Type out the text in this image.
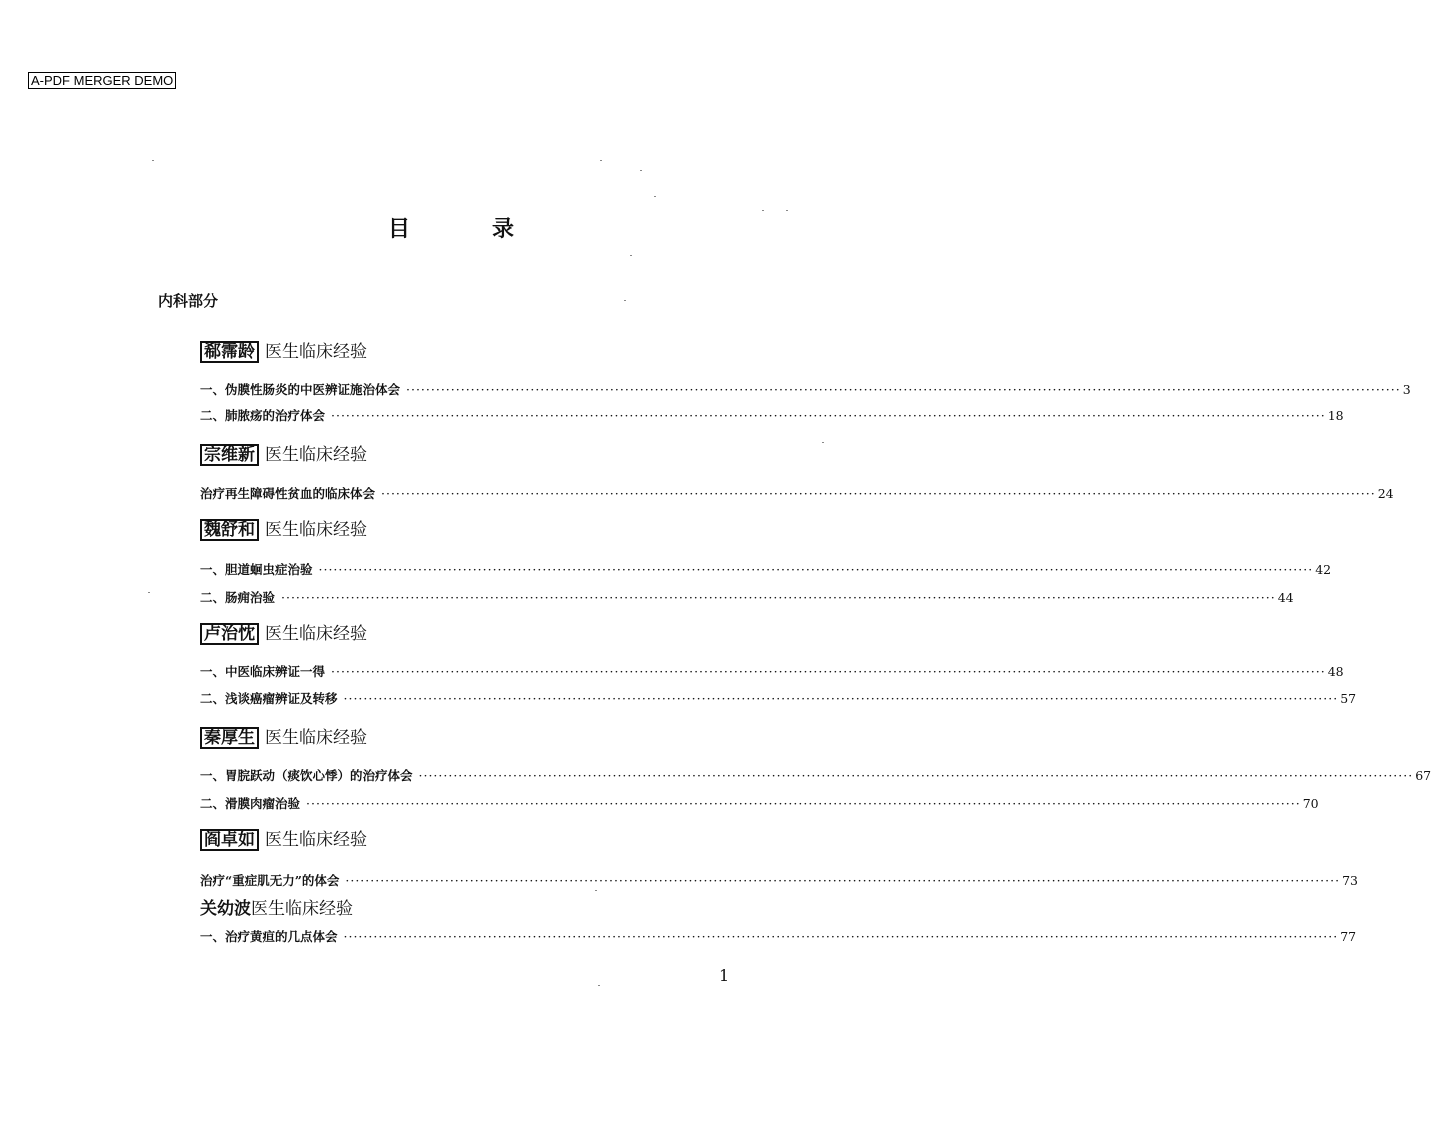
A-PDF MERGER DEMO
目	录
内科部分
郗霈龄 医生临床经验
一、伪膜性肠炎的中医辨证施治体会 ········································································································································································································ 3
二、肺脓疡的治疗体会 ········································································································································································································ 18
宗维新 医生临床经验
治疗再生障碍性贫血的临床体会 ········································································································································································································ 24
魏舒和 医生临床经验
一、胆道蛔虫症治验 ········································································································································································································ 42
二、肠痈治验 ········································································································································································································ 44
卢治忱 医生临床经验
一、中医临床辨证一得 ········································································································································································································ 48
二、浅谈癌瘤辨证及转移 ········································································································································································································ 57
秦厚生 医生临床经验
一、胃脘跃动（痰饮心悸）的治疗体会 ········································································································································································································ 67
二、滑膜肉瘤治验 ········································································································································································································ 70
阎卓如 医生临床经验
治疗“重症肌无力”的体会 ········································································································································································································ 73
关幼波医生临床经验
一、治疗黄疸的几点体会 ········································································································································································································ 77
1
